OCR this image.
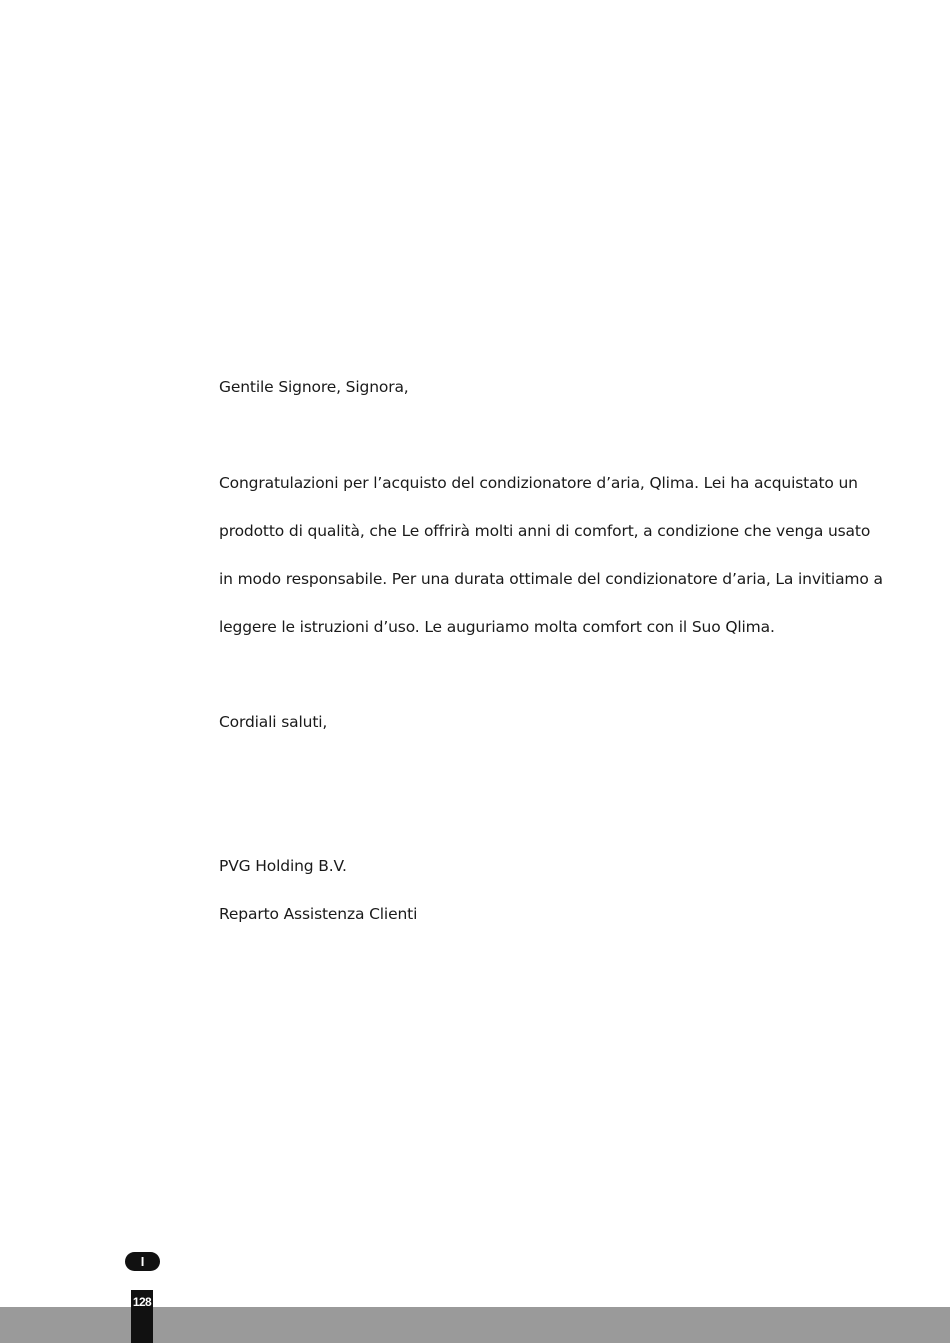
Gentile Signore, Signora,
Congratulazioni per l’acquisto del condizionatore d’aria, Qlima. Lei ha acquistato un
prodotto di qualità, che Le offrirà molti anni di comfort, a condizione che venga usato
in modo responsabile. Per una durata ottimale del condizionatore d’aria, La invitiamo a
leggere le istruzioni d’uso. Le auguriamo molta comfort con il Suo Qlima.
Cordiali saluti,
PVG Holding B.V.
Reparto Assistenza Clienti
I
128
